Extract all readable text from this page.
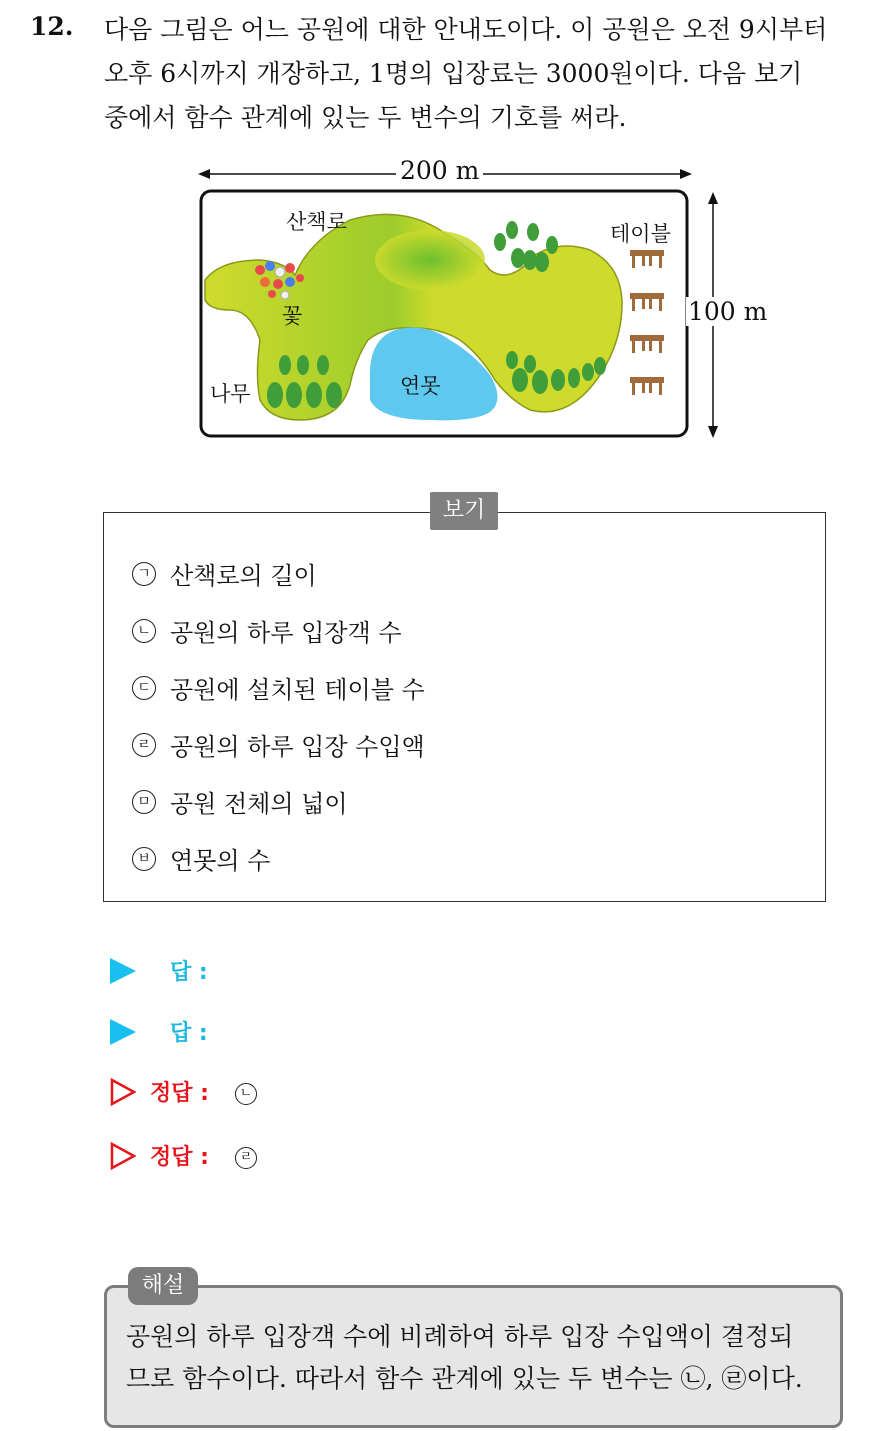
12. 다음 그림은 어느 공원에 대한 안내도이다. 이 공원은 오전 9시부터
오후 6시까지 개장하고, 1명의 입장료는 3000원이다. 다음 보기
중에서 함수 관계에 있는 두 변수의 기호를 써라.
200 m
100 m
산책로	테이블
꽃
나무	연못
보기
ㄱ 산책로의 길이
ㄴ 공원의 하루 입장객 수
ㄷ 공원에 설치된 테이블 수
ㄹ 공원의 하루 입장 수입액
ㅁ 공원 전체의 넓이
ㅂ 연못의 수
답 :
답 :
정답 :	ㄴ
정답 :	ㄹ
해설
공원의 하루 입장객 수에 비례하여 하루 입장 수입액이 결정되
므로 함수이다. 따라서 함수 관계에 있는 두 변수는 ㉡, ㉣이다.
